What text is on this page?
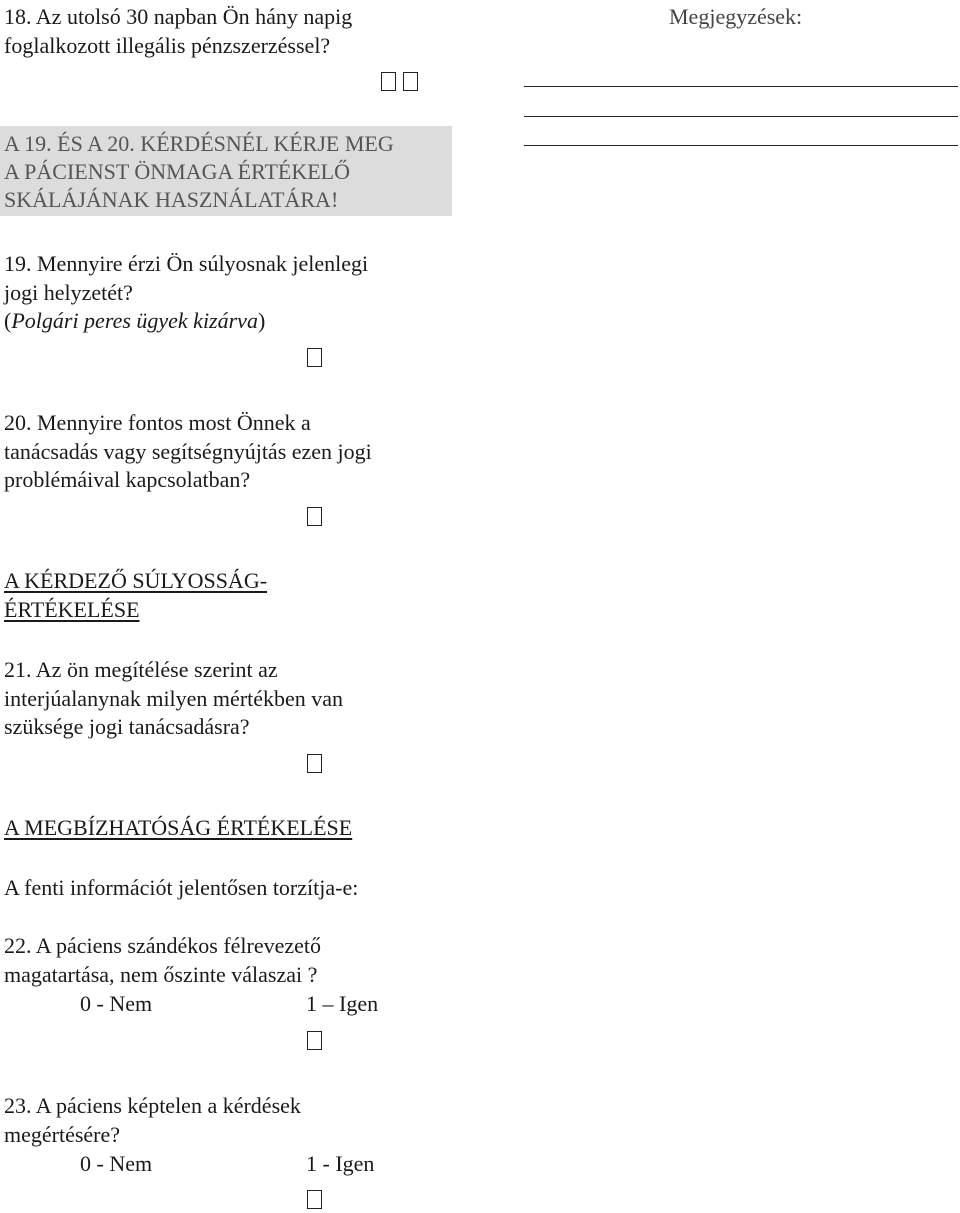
18. Az utolsó 30 napban Ön hány napig

foglalkozott illegális pénzszerzéssel?

Megjegyzések:

A 19. ÉS A 20. KÉRDÉSNÉL KÉRJE MEG

A PÁCIENST ÖNMAGA ÉRTÉKELŐ

SKÁLÁJÁNAK HASZNÁLATÁRA!

19. Mennyire érzi Ön súlyosnak jelenlegi

jogi helyzetét?

(Polgári peres ügyek kizárva)

20. Mennyire fontos most Önnek a

tanácsadás vagy segítségnyújtás ezen jogi

problémáival kapcsolatban?

A KÉRDEZŐ SÚLYOSSÁG-

ÉRTÉKELÉSE

21. Az ön megítélése szerint az

interjúalanynak milyen mértékben van

szüksége jogi tanácsadásra?

A MEGBÍZHATÓSÁG ÉRTÉKELÉSE

A fenti információt jelentősen torzítja-e:

22. A páciens szándékos félrevezető

magatartása, nem őszinte válaszai ?

0 - Nem	1 – Igen

23. A páciens képtelen a kérdések

megértésére?

0 - Nem	1 - Igen
